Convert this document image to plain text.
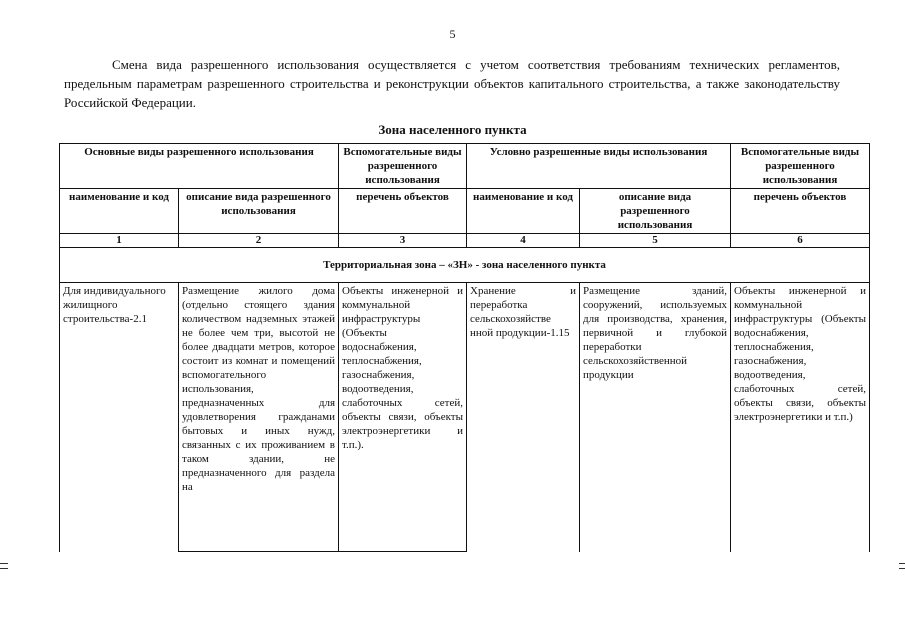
5

Смена вида разрешенного использования осуществляется с учетом соответствия требованиям технических регламентов, предельным параметрам разрешенного строительства и реконструкции объектов капитального строительства, а также законодательству Российской Федерации.

Зона населенного пункта
Основные виды разрешенного использования		Вспомогательные виды разрешенного использования	Условно разрешенные виды использования		Вспомогательные виды разрешенного использования
наименование и код	описание вида разрешенного использования	перечень объектов	наименование и код	описание вида разрешенного использования	перечень объектов
1	2	3	4	5	6
Территориальная зона – «ЗН» - зона населенного пункта					
Для индивидуального жилищного строительства-2.1	Размещение жилого дома (отдельно стоящего здания количеством надземных этажей не более чем три, высотой не более двадцати метров, которое состоит из комнат и помещений вспомогательного использования, предназначенных для удовлетворения гражданами бытовых и иных нужд, связанных с их проживанием в таком здании, не предназначенного для раздела на	Объекты инженерной и коммунальной инфраструктуры (Объекты водоснабжения, теплоснабжения, газоснабжения, водоотведения, слаботочных сетей, объекты связи, объекты электроэнергетики и т.п.).	Хранение и переработка сельскохозяйстве нной продукции-1.15	Размещение зданий, сооружений, используемых для производства, хранения, первичной и глубокой переработки сельскохозяйственной продукции	Объекты инженерной и коммунальной инфраструктуры (Объекты водоснабжения, теплоснабжения, газоснабжения, водоотведения, слаботочных сетей, объекты связи, объекты электроэнергетики и т.п.)
